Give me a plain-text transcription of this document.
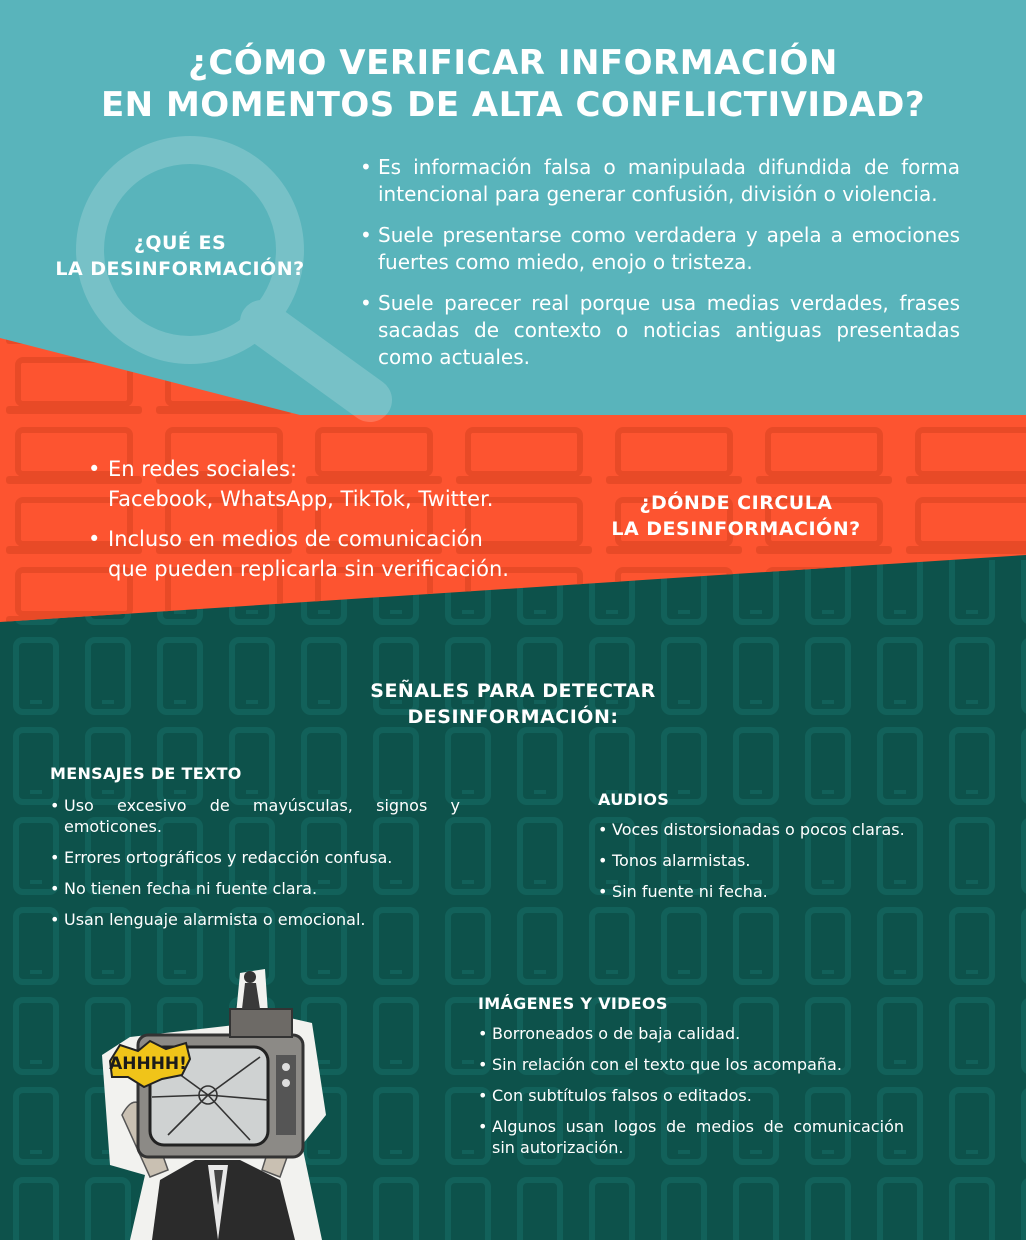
¿CÓMO VERIFICAR INFORMACIÓN
EN MOMENTOS DE ALTA CONFLICTIVIDAD?
¿QUÉ ES
LA DESINFORMACIÓN?
• Es información falsa o manipulada difundida de forma intencional para generar confusión, división o violencia.
• Suele presentarse como verdadera y apela a emociones fuertes como miedo, enojo o tristeza.
• Suele parecer real porque usa medias verdades, frases sacadas de contexto o noticias antiguas presentadas como actuales.
• En redes sociales:
Facebook, WhatsApp, TikTok, Twitter.
• Incluso en medios de comunicación
que pueden replicarla sin verificación.
¿DÓNDE CIRCULA
LA DESINFORMACIÓN?
SEÑALES PARA DETECTAR
DESINFORMACIÓN:
MENSAJES DE TEXTO
• Uso excesivo de mayúsculas, signos y emoticones.
• Errores ortográficos y redacción confusa.
• No tienen fecha ni fuente clara.
• Usan lenguaje alarmista o emocional.
AUDIOS
• Voces distorsionadas o pocos claras.
• Tonos alarmistas.
• Sin fuente ni fecha.
IMÁGENES Y VIDEOS
• Borroneados o de baja calidad.
• Sin relación con el texto que los acompaña.
• Con subtítulos falsos o editados.
• Algunos usan logos de medios de comunicación sin autorización.
AHHHH!
